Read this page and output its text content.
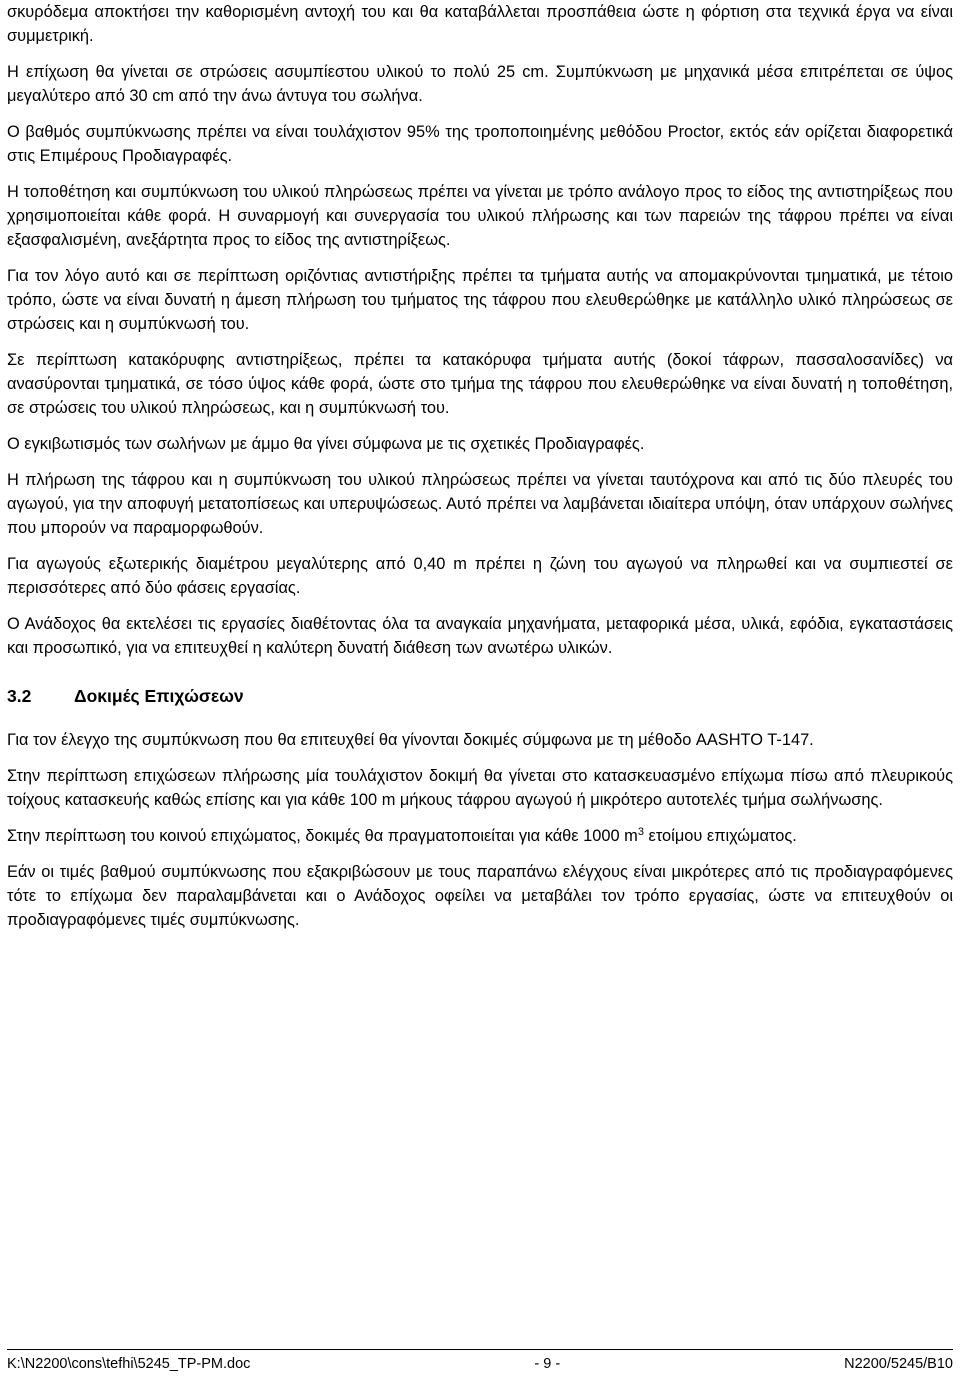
σκυρόδεμα αποκτήσει την καθορισμένη αντοχή του και θα καταβάλλεται προσπάθεια ώστε η φόρτιση στα τεχνικά έργα να είναι συμμετρική.

Η επίχωση θα γίνεται σε στρώσεις ασυμπίεστου υλικού το πολύ 25 cm. Συμπύκνωση με μηχανικά μέσα επιτρέπεται σε ύψος μεγαλύτερο από 30 cm από την άνω άντυγα του σωλήνα.

Ο βαθμός συμπύκνωσης πρέπει να είναι τουλάχιστον 95% της τροποποιημένης μεθόδου Proctor, εκτός εάν ορίζεται διαφορετικά στις Επιμέρους Προδιαγραφές.

Η τοποθέτηση και συμπύκνωση του υλικού πληρώσεως πρέπει να γίνεται με τρόπο ανάλογο προς το είδος της αντιστηρίξεως που χρησιμοποιείται κάθε φορά. Η συναρμογή και συνεργασία του υλικού πλήρωσης και των παρειών της τάφρου πρέπει να είναι εξασφαλισμένη, ανεξάρτητα προς το είδος της αντιστηρίξεως.

Για τον λόγο αυτό και σε περίπτωση οριζόντιας αντιστήριξης πρέπει τα τμήματα αυτής να απομακρύνονται τμηματικά, με τέτοιο τρόπο, ώστε να είναι δυνατή η άμεση πλήρωση του τμήματος της τάφρου που ελευθερώθηκε με κατάλληλο υλικό πληρώσεως σε στρώσεις και η συμπύκνωσή του.

Σε περίπτωση κατακόρυφης αντιστηρίξεως, πρέπει τα κατακόρυφα τμήματα αυτής (δοκοί τάφρων, πασσαλοσανίδες) να ανασύρονται τμηματικά, σε τόσο ύψος κάθε φορά, ώστε στο τμήμα της τάφρου που ελευθερώθηκε να είναι δυνατή η τοποθέτηση, σε στρώσεις του υλικού πληρώσεως, και η συμπύκνωσή του.

Ο εγκιβωτισμός των σωλήνων με άμμο θα γίνει σύμφωνα με τις σχετικές Προδιαγραφές.

Η πλήρωση της τάφρου και η συμπύκνωση του υλικού πληρώσεως πρέπει να γίνεται ταυτόχρονα και από τις δύο πλευρές του αγωγού, για την αποφυγή μετατοπίσεως και υπερυψώσεως. Αυτό πρέπει να λαμβάνεται ιδιαίτερα υπόψη, όταν υπάρχουν σωλήνες που μπορούν να παραμορφωθούν.

Για αγωγούς εξωτερικής διαμέτρου μεγαλύτερης από 0,40 m πρέπει η ζώνη του αγωγού να πληρωθεί και να συμπιεστεί σε περισσότερες από δύο φάσεις εργασίας.

Ο Ανάδοχος θα εκτελέσει τις εργασίες διαθέτοντας όλα τα αναγκαία μηχανήματα, μεταφορικά μέσα, υλικά, εφόδια, εγκαταστάσεις και προσωπικό, για να επιτευχθεί η καλύτερη δυνατή διάθεση των ανωτέρω υλικών.

3.2 Δοκιμές Επιχώσεων

Για τον έλεγχο της συμπύκνωση που θα επιτευχθεί θα γίνονται δοκιμές σύμφωνα με τη μέθοδο AASHTO T-147.

Στην περίπτωση επιχώσεων πλήρωσης μία τουλάχιστον δοκιμή θα γίνεται στο κατασκευασμένο επίχωμα πίσω από πλευρικούς τοίχους κατασκευής καθώς επίσης και για κάθε 100 m μήκους τάφρου αγωγού ή μικρότερο αυτοτελές τμήμα σωλήνωσης.

Στην περίπτωση του κοινού επιχώματος, δοκιμές θα πραγματοποιείται για κάθε 1000 $m^3$ ετοίμου επιχώματος.

Εάν οι τιμές βαθμού συμπύκνωσης που εξακριβώσουν με τους παραπάνω ελέγχους είναι μικρότερες από τις προδιαγραφόμενες τότε το επίχωμα δεν παραλαμβάνεται και ο Ανάδοχος οφείλει να μεταβάλει τον τρόπο εργασίας, ώστε να επιτευχθούν οι προδιαγραφόμενες τιμές συμπύκνωσης.

K:\N2200\cons\tefhi\5245_TP-PM.doc	- 9 -	N2200/5245/B10
